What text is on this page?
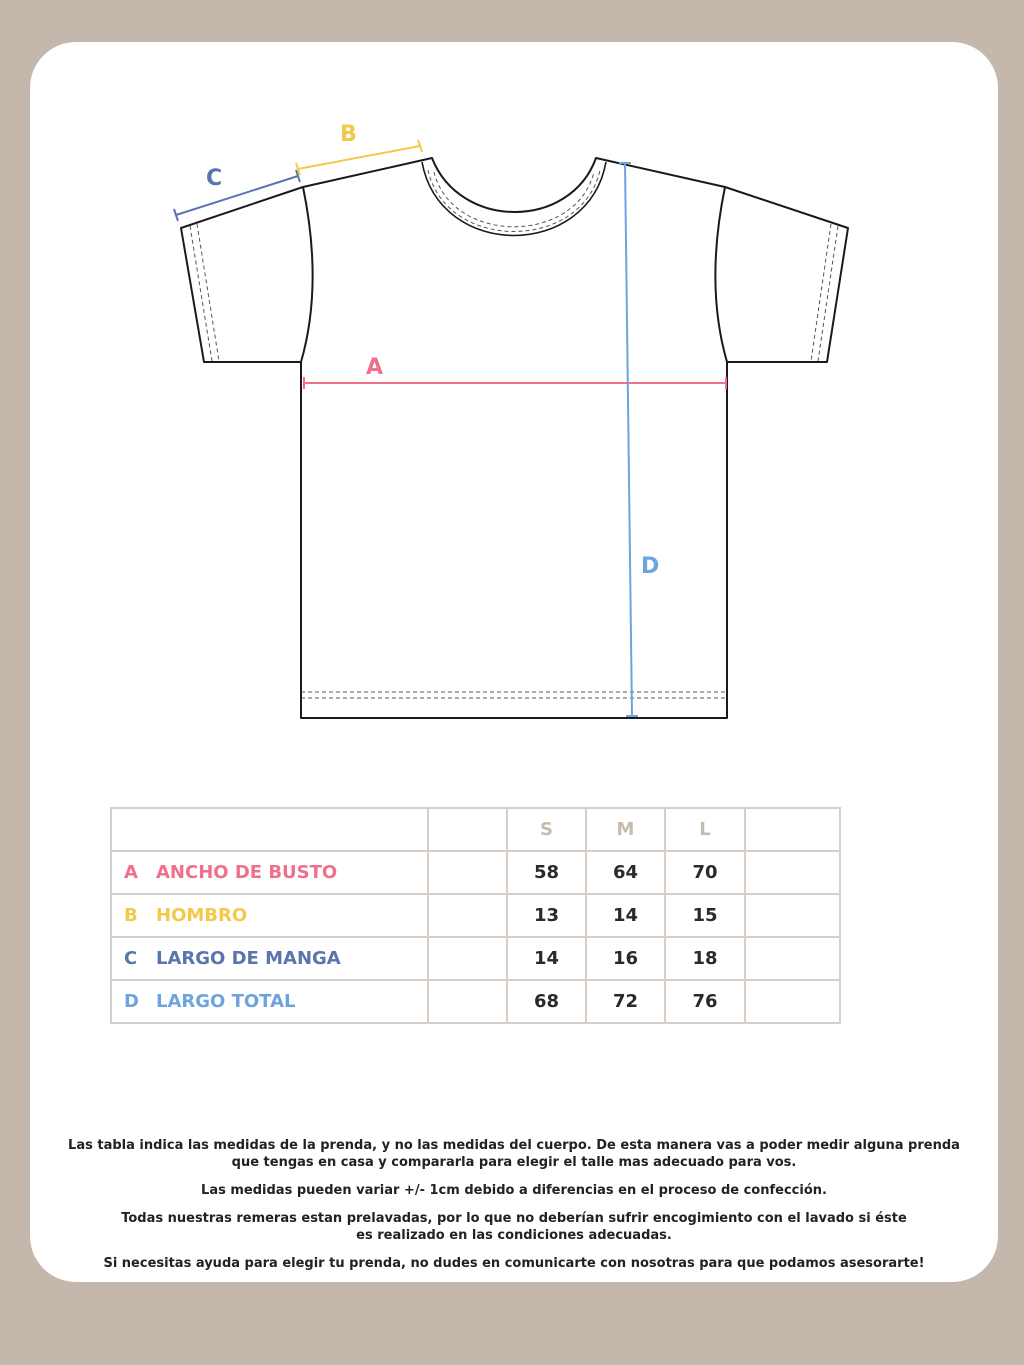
A
B
C
D
			S	M	L	
A	ANCHO DE BUSTO		58	64	70	
B	HOMBRO		13	14	15	
C	LARGO DE MANGA		14	16	18	
D	LARGO TOTAL		68	72	76	

Las tabla indica las medidas de la prenda, y no las medidas del cuerpo. De esta manera vas a poder medir alguna prenda
que tengas en casa y compararla para elegir el talle mas adecuado para vos.

Las medidas pueden variar +/- 1cm debido a diferencias en el proceso de confección.

Todas nuestras remeras estan prelavadas, por lo que no deberían sufrir encogimiento con el lavado si éste
es realizado en las condiciones adecuadas.

Si necesitas ayuda para elegir tu prenda, no dudes en comunicarte con nosotras para que podamos asesorarte!
